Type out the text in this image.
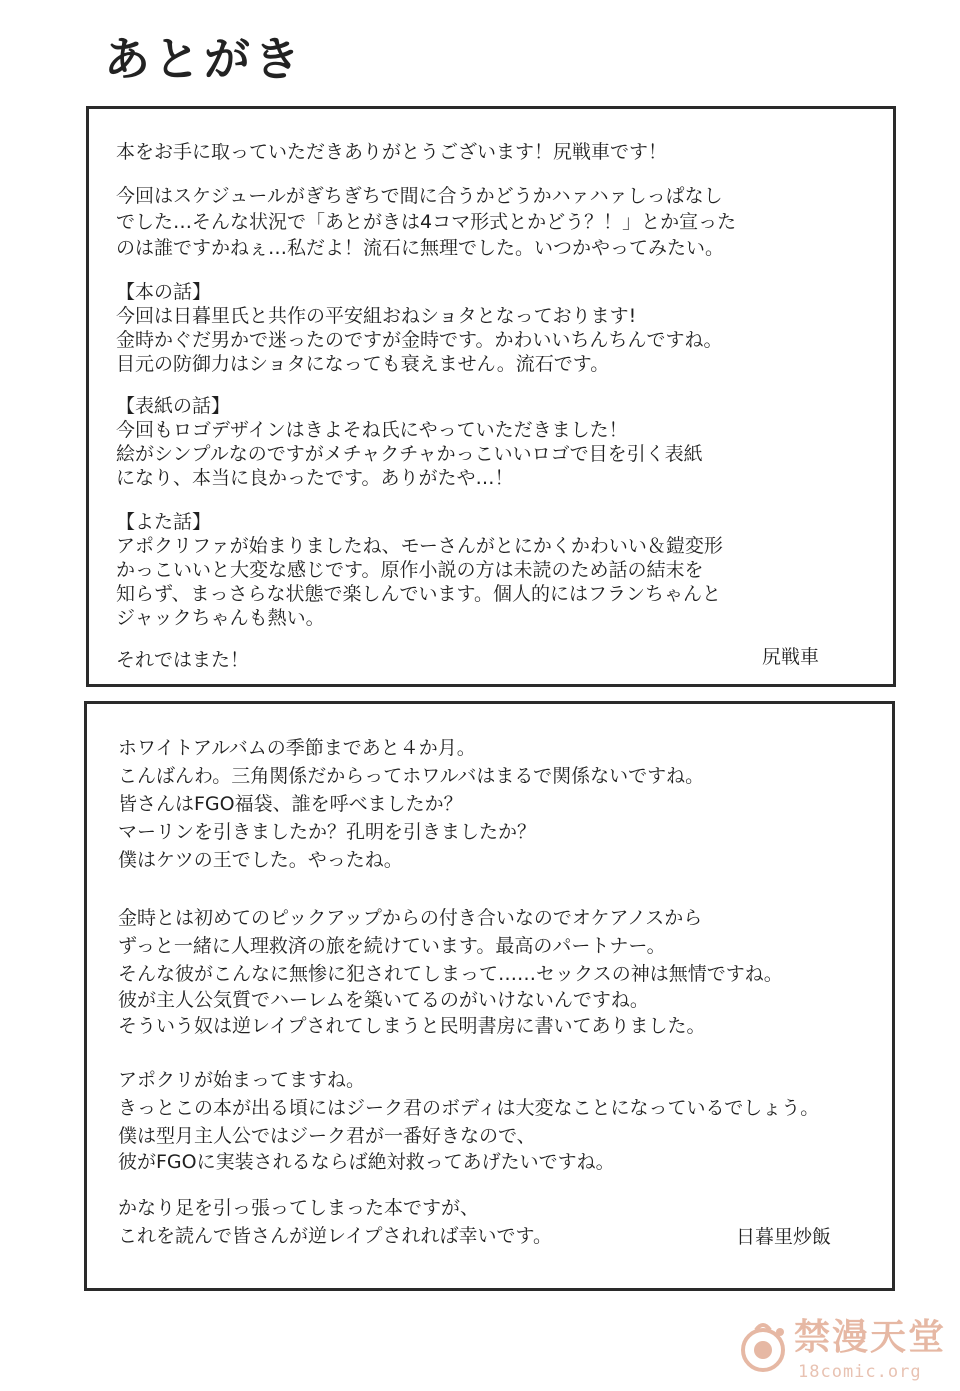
あとがき
本をお手に取っていただきありがとうございます！尻戦車です！
今回はスケジュールがぎちぎちで間に合うかどうかハァハァしっぱなし
でした…そんな状況で「あとがきは4コマ形式とかどう？！」とか宣った
のは誰ですかねぇ…私だよ！流石に無理でした。いつかやってみたい。
【本の話】
今回は日暮里氏と共作の平安組おねショタとなっております!
金時かぐだ男かで迷ったのですが金時です。かわいいちんちんですね。
目元の防御力はショタになっても衰えません。流石です。
【表紙の話】
今回もロゴデザインはきよそね氏にやっていただきました！
絵がシンプルなのですがメチャクチャかっこいいロゴで目を引く表紙
になり、本当に良かったです。ありがたや…！
【よた話】
アポクリファが始まりましたね、モーさんがとにかくかわいい＆鎧変形
かっこいいと大変な感じです。原作小説の方は未読のため話の結末を
知らず、まっさらな状態で楽しんでいます。個人的にはフランちゃんと
ジャックちゃんも熱い。
それではまた！
ホワイトアルバムの季節まであと４か月。
こんばんわ。三角関係だからってホワルバはまるで関係ないですね。
皆さんはFGO福袋、誰を呼べましたか？
マーリンを引きましたか？孔明を引きましたか？
僕はケツの王でした。やったね。
金時とは初めてのピックアップからの付き合いなのでオケアノスから
ずっと一緒に人理救済の旅を続けています。最高のパートナー。
そんな彼がこんなに無惨に犯されてしまって……セックスの神は無情ですね。
彼が主人公気質でハーレムを築いてるのがいけないんですね。
そういう奴は逆レイプされてしまうと民明書房に書いてありました。
アポクリが始まってますね。
きっとこの本が出る頃にはジーク君のボディは大変なことになっているでしょう。
僕は型月主人公ではジーク君が一番好きなので、
彼がFGOに実装されるならば絶対救ってあげたいですね。
かなり足を引っ張ってしまった本ですが、
これを読んで皆さんが逆レイプされれば幸いです。
尻戦車
日暮里炒飯
禁漫天堂
18comic.org
